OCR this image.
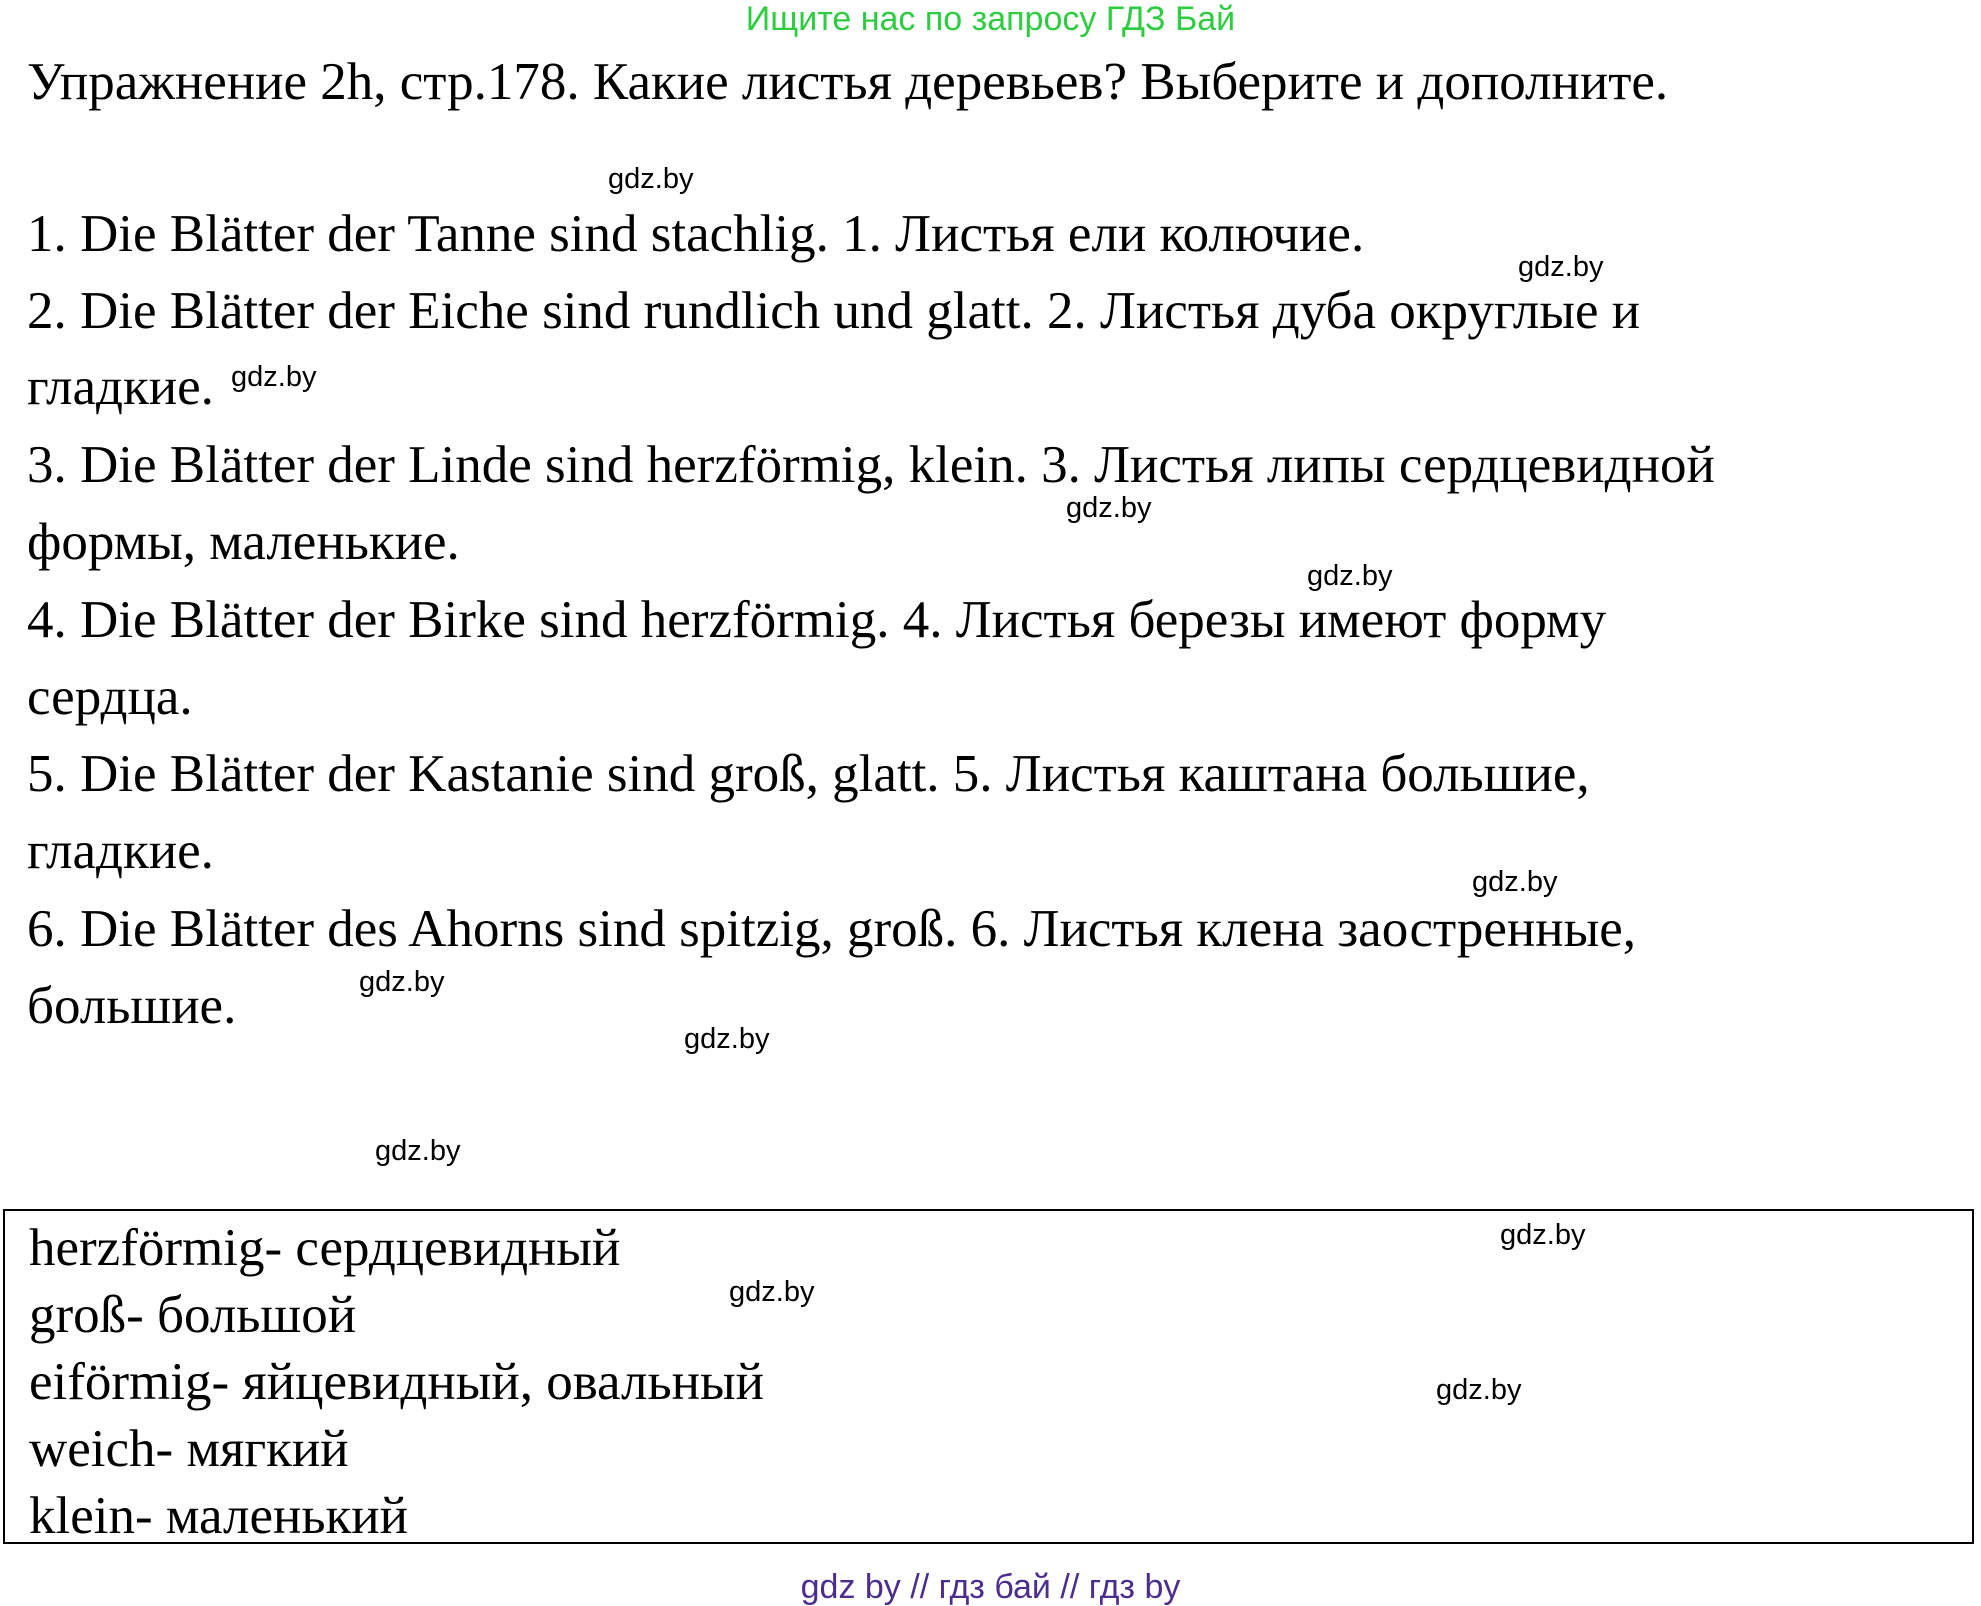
Ищите нас по запросу ГДЗ Бай
Упражнение 2h, стр.178. Какие листья деревьев? Выберите и дополните.
1. Die Blätter der Tanne sind stachlig. 1. Листья ели колючие.
2. Die Blätter der Eiche sind rundlich und glatt. 2. Листья дуба округлые и
гладкие.
3. Die Blätter der Linde sind herzförmig, klein. 3. Листья липы сердцевидной
формы, маленькие.
4. Die Blätter der Birke sind herzförmig. 4. Листья березы имеют форму
сердца.
5. Die Blätter der Kastanie sind groß, glatt. 5. Листья каштана большие,
гладкие.
6. Die Blätter des Ahorns sind spitzig, groß. 6. Листья клена заостренные,
большие.
gdz.by
gdz.by
gdz.by
gdz.by
gdz.by
gdz.by
gdz.by
gdz.by
gdz.by
gdz.by
gdz.by
gdz.by
herzförmig- сердцевидный
groß- большой
eiförmig- яйцевидный, овальный
weich- мягкий
klein- маленький
gdz by // гдз бай // гдз by
